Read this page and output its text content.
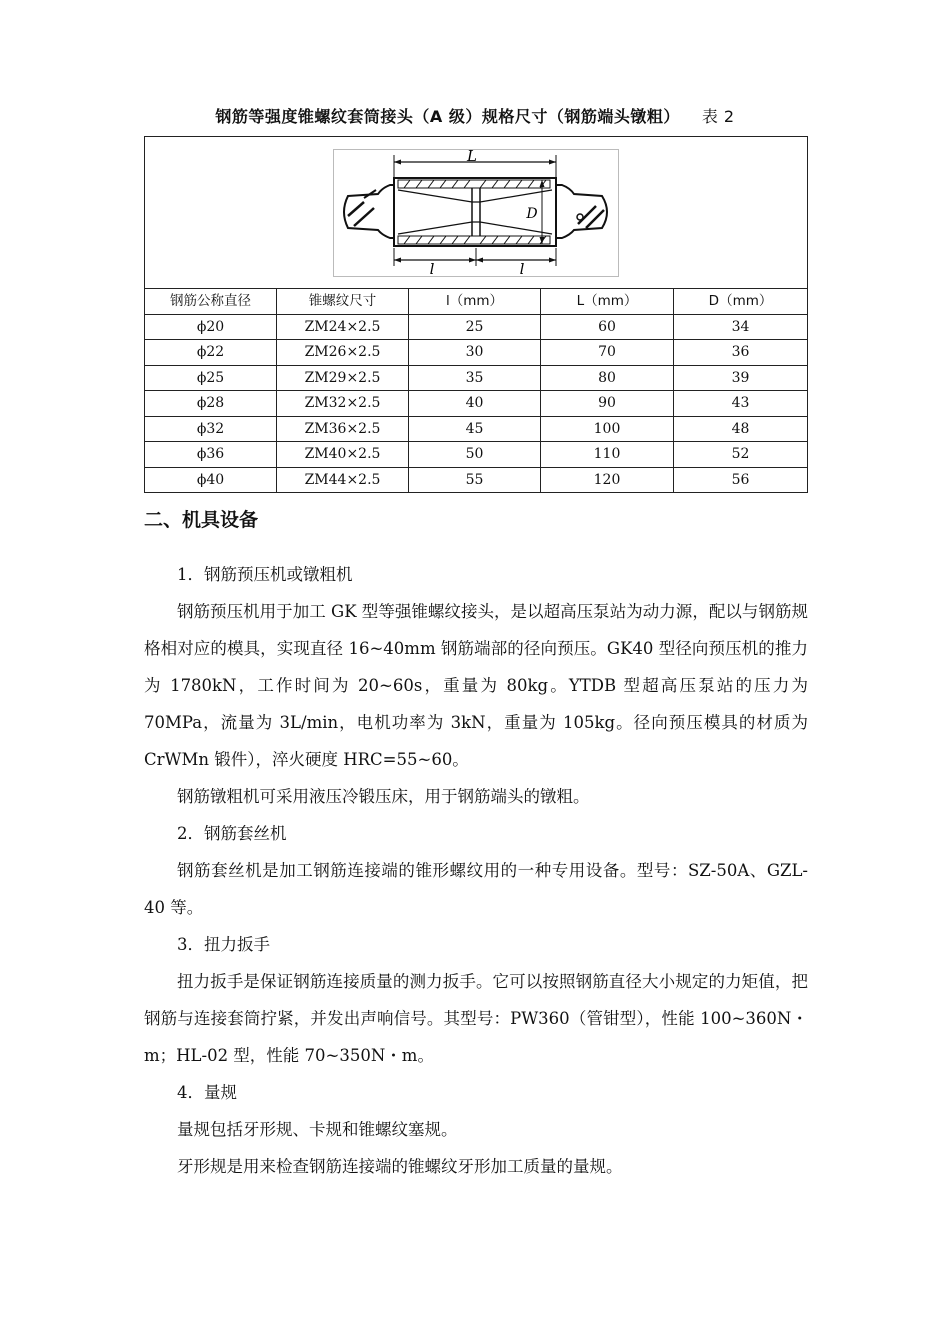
钢筋等强度锥螺纹套筒接头（A 级）规格尺寸（钢筋端头镦粗） 表 2
L
D
l l				

钢筋公称直径	锥螺纹尺寸	l（mm）	L（mm）	D（mm）
ϕ20	ZM24×2.5	25	60	34
ϕ22	ZM26×2.5	30	70	36
ϕ25	ZM29×2.5	35	80	39
ϕ28	ZM32×2.5	40	90	43
ϕ32	ZM36×2.5	45	100	48
ϕ36	ZM40×2.5	50	110	52
ϕ40	ZM44×2.5	55	120	56
二、机具设备

1．钢筋预压机或镦粗机

钢筋预压机用于加工 GK 型等强锥螺纹接头，是以超高压泵站为动力源，配以与钢筋规格相对应的模具，实现直径 16~40mm 钢筋端部的径向预压。GK40 型径向预压机的推力为 1780kN，工作时间为 20~60s，重量为 80kg。YTDB 型超高压泵站的压力为 70MPa，流量为 3L/min，电机功率为 3kN，重量为 105kg。径向预压模具的材质为 CrWMn 锻件），淬火硬度 HRC=55~60。

钢筋镦粗机可采用液压冷锻压床，用于钢筋端头的镦粗。

2．钢筋套丝机

钢筋套丝机是加工钢筋连接端的锥形螺纹用的一种专用设备。型号：SZ-50A、GZL-40 等。

3．扭力扳手

扭力扳手是保证钢筋连接质量的测力扳手。它可以按照钢筋直径大小规定的力矩值，把钢筋与连接套筒拧紧，并发出声响信号。其型号：PW360（管钳型），性能 100~360N・m；HL-02 型，性能 70~350N・m。

4．量规

量规包括牙形规、卡规和锥螺纹塞规。

牙形规是用来检查钢筋连接端的锥螺纹牙形加工质量的量规。
